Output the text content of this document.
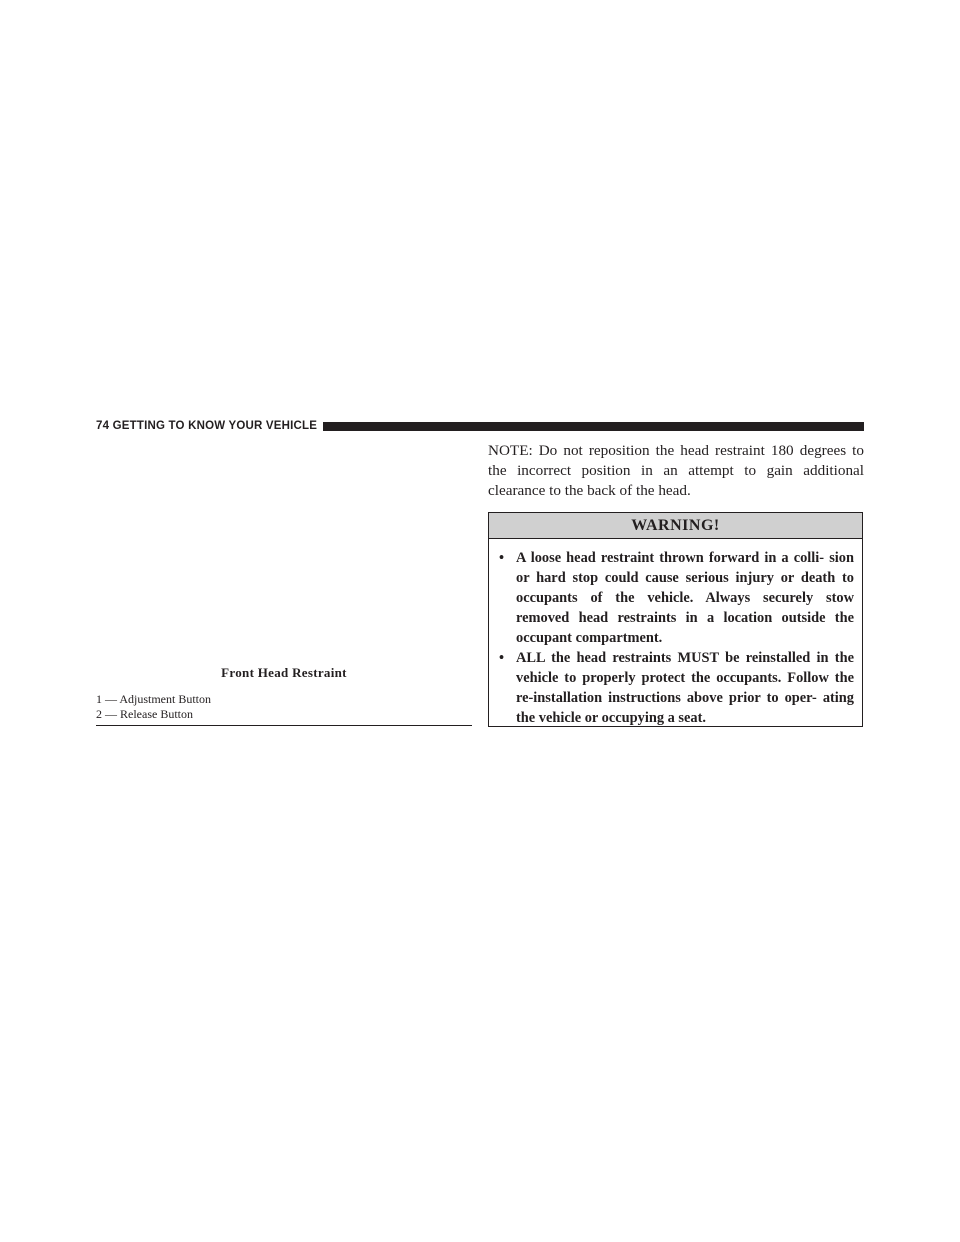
74 GETTING TO KNOW YOUR VEHICLE
Front Head Restraint
1 — Adjustment Button
2 — Release Button
NOTE: Do not reposition the head restraint 180 degrees to the incorrect position in an attempt to gain additional clearance to the back of the head.
WARNING!
• A loose head restraint thrown forward in a colli- sion or hard stop could cause serious injury or death to occupants of the vehicle. Always securely stow removed head restraints in a location outside the occupant compartment.
• ALL the head restraints MUST be reinstalled in the vehicle to properly protect the occupants. Follow the re-installation instructions above prior to oper- ating the vehicle or occupying a seat.
